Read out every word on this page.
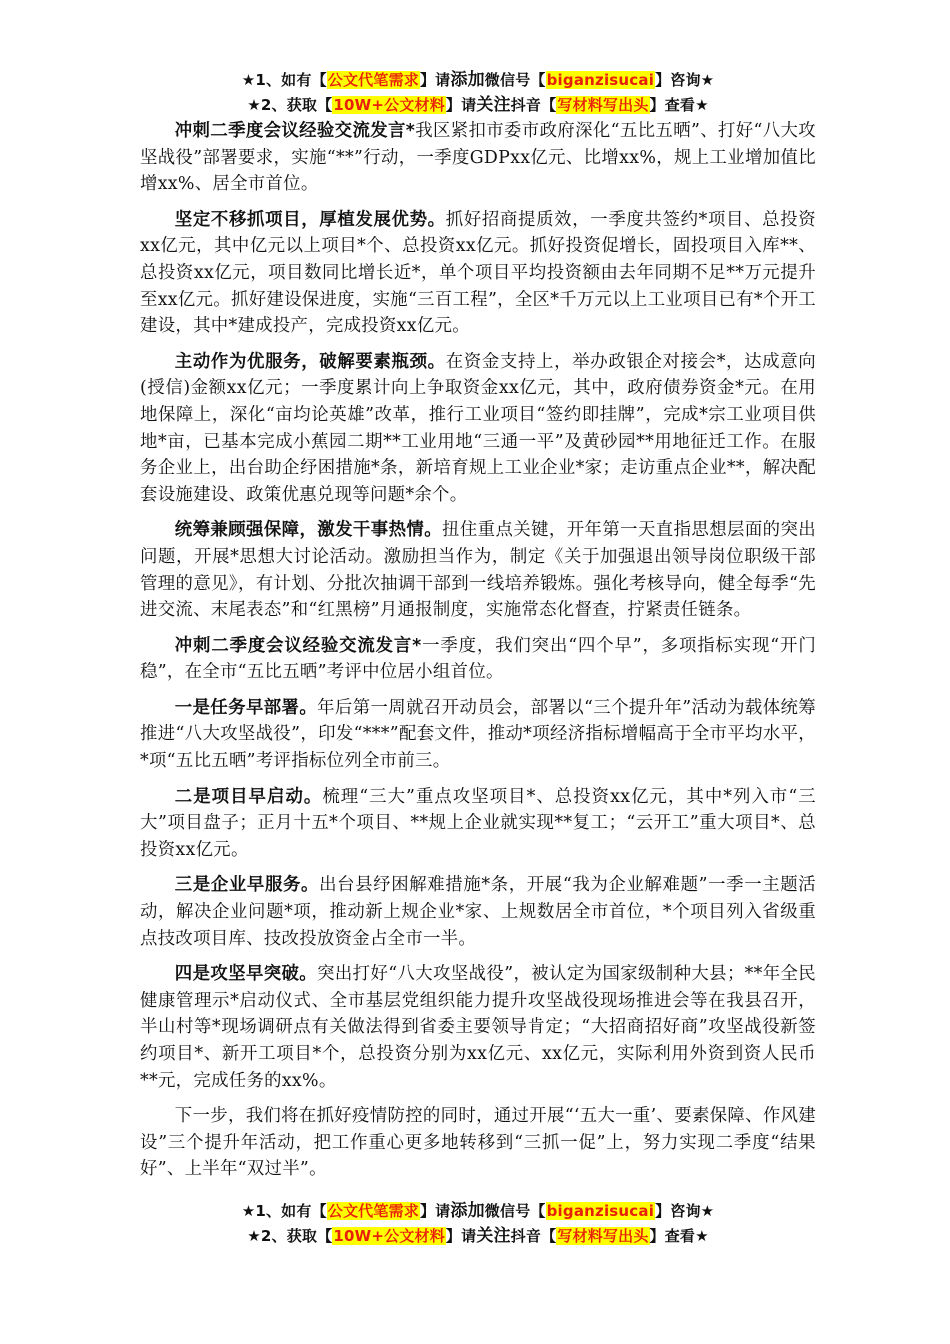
★1、如有【公文代笔需求】请添加微信号【biganzisucai】咨询★
★2、获取【10W+公文材料】请关注抖音【写材料写出头】查看★

冲刺二季度会议经验交流发言*我区紧扣市委市政府深化“五比五晒”、打好“八大攻坚战役”部署要求，实施“**”行动，一季度GDPxx亿元、比增xx%，规上工业增加值比增xx%、居全市首位。

坚定不移抓项目，厚植发展优势。抓好招商提质效，一季度共签约*项目、总投资xx亿元，其中亿元以上项目*个、总投资xx亿元。抓好投资促增长，固投项目入库**、总投资xx亿元，项目数同比增长近*，单个项目平均投资额由去年同期不足**万元提升至xx亿元。抓好建设保进度，实施“三百工程”，全区*千万元以上工业项目已有*个开工建设，其中*建成投产，完成投资xx亿元。

主动作为优服务，破解要素瓶颈。在资金支持上，举办政银企对接会*，达成意向(授信)金额xx亿元；一季度累计向上争取资金xx亿元，其中，政府债券资金*元。在用地保障上，深化“亩均论英雄”改革，推行工业项目“签约即挂牌”，完成*宗工业项目供地*亩，已基本完成小蕉园二期**工业用地“三通一平”及黄砂园**用地征迁工作。在服务企业上，出台助企纾困措施*条，新培育规上工业企业*家；走访重点企业**，解决配套设施建设、政策优惠兑现等问题*余个。

统筹兼顾强保障，激发干事热情。扭住重点关键，开年第一天直指思想层面的突出问题，开展*思想大讨论活动。激励担当作为，制定《关于加强退出领导岗位职级干部管理的意见》，有计划、分批次抽调干部到一线培养锻炼。强化考核导向，健全每季“先进交流、末尾表态”和“红黑榜”月通报制度，实施常态化督查，拧紧责任链条。

冲刺二季度会议经验交流发言*一季度，我们突出“四个早”，多项指标实现“开门稳”，在全市“五比五晒”考评中位居小组首位。

一是任务早部署。年后第一周就召开动员会，部署以“三个提升年”活动为载体统筹推进“八大攻坚战役”，印发“***”配套文件，推动*项经济指标增幅高于全市平均水平，*项“五比五晒”考评指标位列全市前三。

二是项目早启动。梳理“三大”重点攻坚项目*、总投资xx亿元，其中*列入市“三大”项目盘子；正月十五*个项目、**规上企业就实现**复工；“云开工”重大项目*、总投资xx亿元。

三是企业早服务。出台县纾困解难措施*条，开展“我为企业解难题”一季一主题活动，解决企业问题*项，推动新上规企业*家、上规数居全市首位，*个项目列入省级重点技改项目库、技改投放资金占全市一半。

四是攻坚早突破。突出打好“八大攻坚战役”，被认定为国家级制种大县；**年全民健康管理示*启动仪式、全市基层党组织能力提升攻坚战役现场推进会等在我县召开，半山村等*现场调研点有关做法得到省委主要领导肯定；“大招商招好商”攻坚战役新签约项目*、新开工项目*个，总投资分别为xx亿元、xx亿元，实际利用外资到资人民币**元，完成任务的xx%。

下一步，我们将在抓好疫情防控的同时，通过开展“‘五大一重’、要素保障、作风建设”三个提升年活动，把工作重心更多地转移到“三抓一促”上，努力实现二季度“结果好”、上半年“双过半”。

★1、如有【公文代笔需求】请添加微信号【biganzisucai】咨询★
★2、获取【10W+公文材料】请关注抖音【写材料写出头】查看★
